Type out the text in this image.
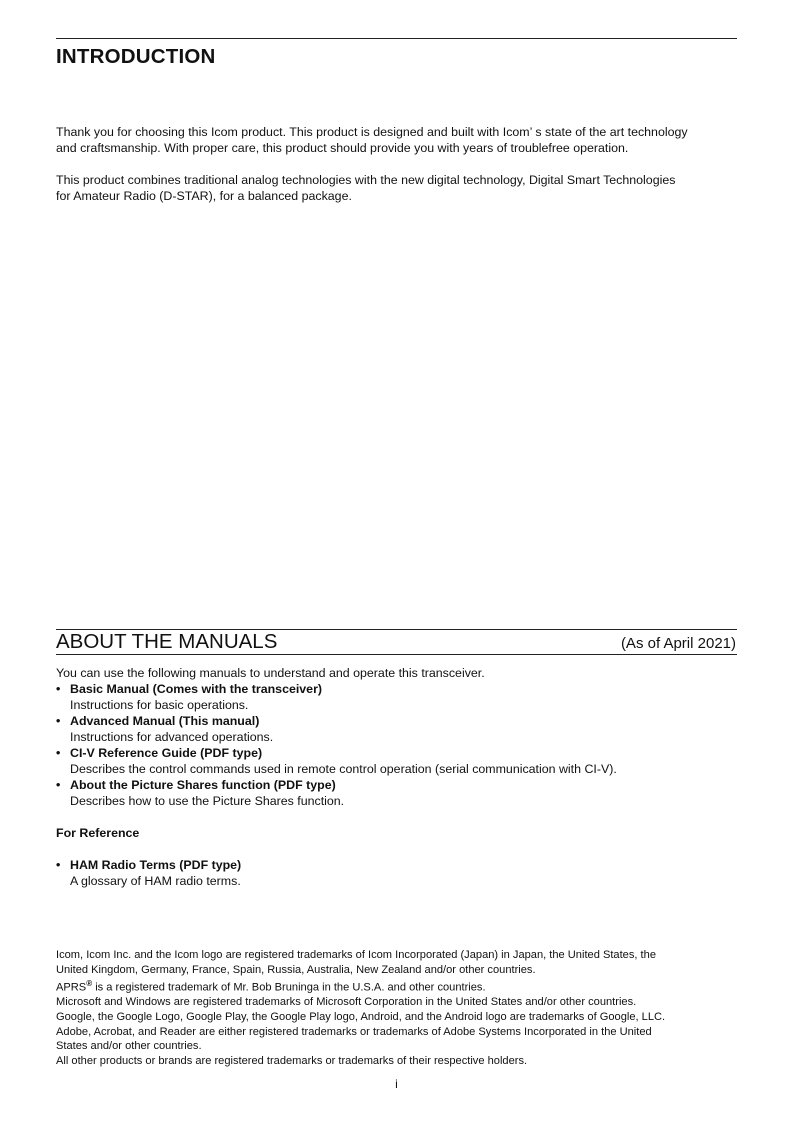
INTRODUCTION
Thank you for choosing this Icom product. This product is designed and built with Icom’ s state of the art technology
and craftsmanship. With proper care, this product should provide you with years of troublefree operation.
This product combines traditional analog technologies with the new digital technology, Digital Smart Technologies
for Amateur Radio (D-STAR), for a balanced package.
ABOUT THE MANUALS	(As of April 2021)
You can use the following manuals to understand and operate this transceiver.
• Basic Manual (Comes with the transceiver)
Instructions for basic operations.
• Advanced Manual (This manual)
Instructions for advanced operations.
• CI-V Reference Guide (PDF type)
Describes the control commands used in remote control operation (serial communication with CI-V).
• About the Picture Shares function (PDF type)
Describes how to use the Picture Shares function.
For Reference
• HAM Radio Terms (PDF type)
A glossary of HAM radio terms.
Icom, Icom Inc. and the Icom logo are registered trademarks of Icom Incorporated (Japan) in Japan, the United States, the
United Kingdom, Germany, France, Spain, Russia, Australia, New Zealand and/or other countries.
APRS® is a registered trademark of Mr. Bob Bruninga in the U.S.A. and other countries.
Microsoft and Windows are registered trademarks of Microsoft Corporation in the United States and/or other countries.
Google, the Google Logo, Google Play, the Google Play logo, Android, and the Android logo are trademarks of Google, LLC.
Adobe, Acrobat, and Reader are either registered trademarks or trademarks of Adobe Systems Incorporated in the United
States and/or other countries.
All other products or brands are registered trademarks or trademarks of their respective holders.
i
